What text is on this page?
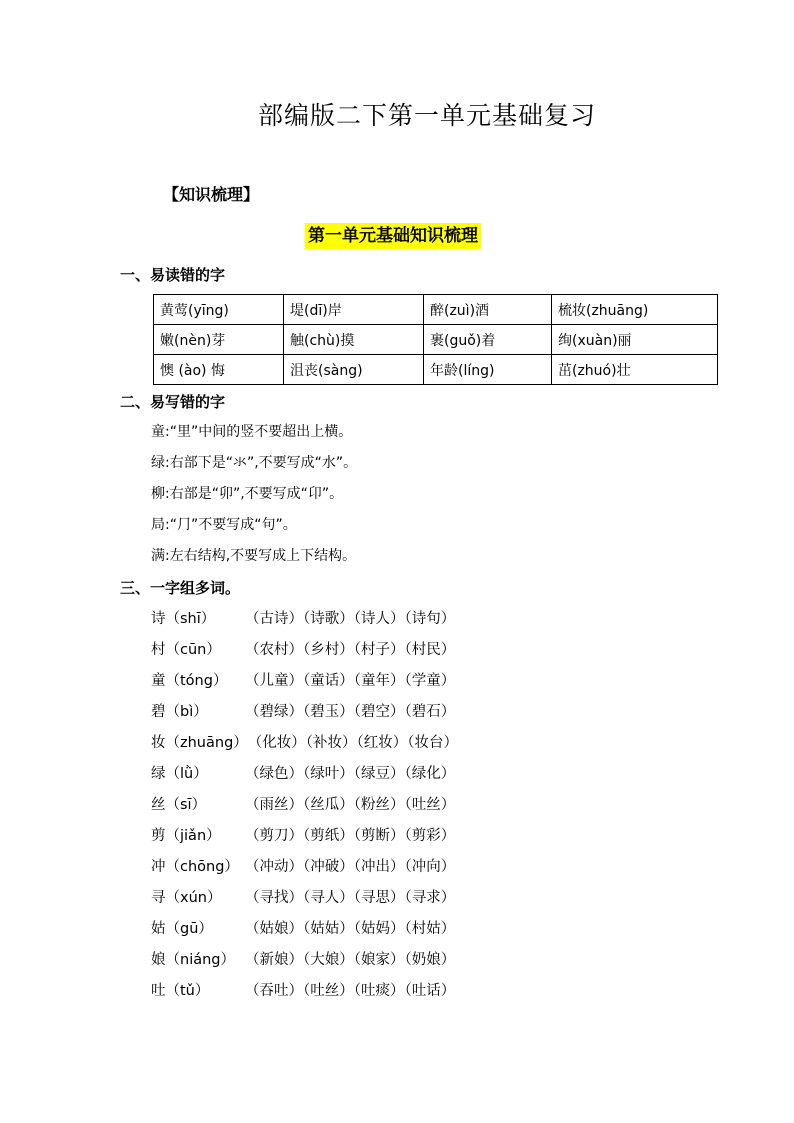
部编版二下第一单元基础复习
【知识梳理】
第一单元基础知识梳理
一、易读错的字
黄莺(yīng)	堤(dī)岸	醉(zuì)酒	梳妆(zhuāng)
嫩(nèn)芽	触(chù)摸	裹(guǒ)着	绚(xuàn)丽
懊 (ào) 悔	沮丧(sàng)	年龄(líng)	茁(zhuó)壮
二、易写错的字
童:“里”中间的竖不要超出上横。
绿:右部下是“氺”,不要写成“水”。
柳:右部是“卯”,不要写成“卬”。
局:“⺆”不要写成“句”。
满:左右结构,不要写成上下结构。
三、一字组多词。
诗（shī）	（古诗）（诗歌）（诗人）（诗句）
村（cūn）	（农村）（乡村）（村子）（村民）
童（tóng）	（儿童）（童话）（童年）（学童）
碧（bì）	（碧绿）（碧玉）（碧空）（碧石）
妆（zhuāng） （化妆）（补妆）（红妆）（妆台）
绿（lǜ）	（绿色）（绿叶）（绿豆）（绿化）
丝（sī）	（雨丝）（丝瓜）（粉丝）（吐丝）
剪（jiǎn）	（剪刀）（剪纸）（剪断）（剪彩）
冲（chōng） （冲动）（冲破）（冲出）（冲向）
寻（xún）	（寻找）（寻人）（寻思）（寻求）
姑（gū）	（姑娘）（姑姑）（姑妈）（村姑）
娘（niáng） （新娘）（大娘）（娘家）（奶娘）
吐（tǔ）	（吞吐）（吐丝）（吐痰）（吐话）
